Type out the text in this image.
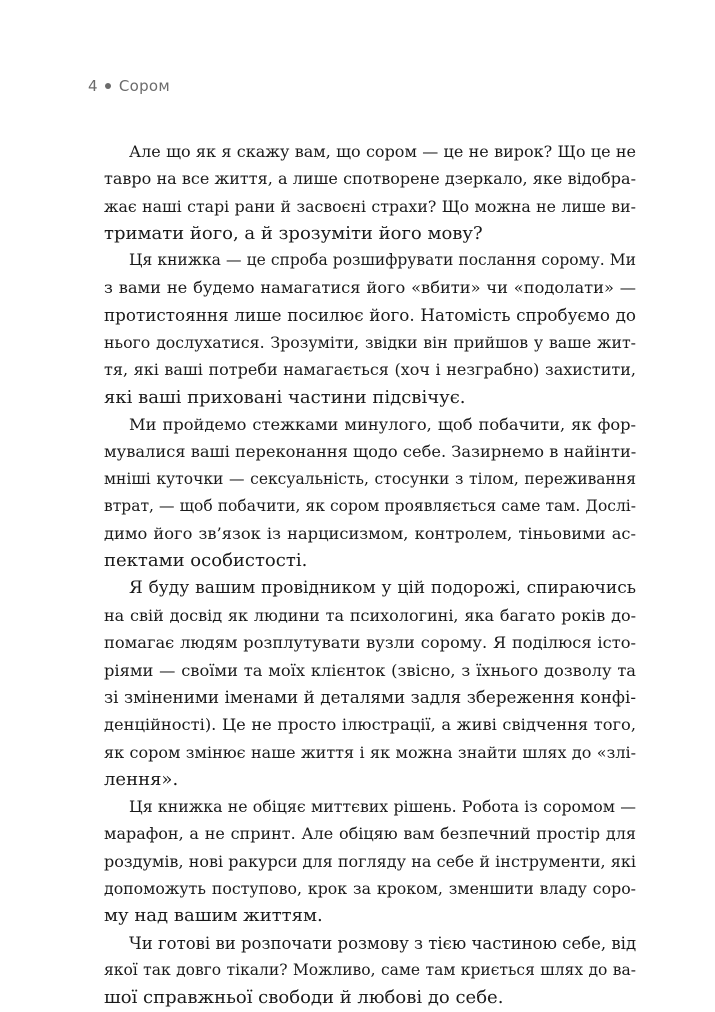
4 Сором
Але що як я скажу вам, що сором — це не вирок? Що це не
тавро на все життя, а лише спотворене дзеркало, яке відобра-
жає наші старі рани й засвоєні страхи? Що можна не лише ви-
тримати його, а й зрозуміти його мову?
Ця книжка — це спроба розшифрувати послання сорому. Ми
з вами не будемо намагатися його «вбити» чи «подолати» —
протистояння лише посилює його. Натомість спробуємо до
нього дослухатися. Зрозуміти, звідки він прийшов у ваше жит-
тя, які ваші потреби намагається (хоч і незграбно) захистити,
які ваші приховані частини підсвічує.
Ми пройдемо стежками минулого, щоб побачити, як фор-
мувалися ваші переконання щодо себе. Зазирнемо в найінти-
мніші куточки — сексуальність, стосунки з тілом, переживання
втрат, — щоб побачити, як сором проявляється саме там. Дослі-
димо його зв’язок із нарцисизмом, контролем, тіньовими ас-
пектами особистості.
Я буду вашим провідником у цій подорожі, спираючись
на свій досвід як людини та психологині, яка багато років до-
помагає людям розплутувати вузли сорому. Я поділюся істо-
ріями — своїми та моїх клієнток (звісно, з їхнього дозволу та
зі зміненими іменами й деталями задля збереження конфі-
денційності). Це не просто ілюстрації, а живі свідчення того,
як сором змінює наше життя і як можна знайти шлях до «злі-
лення».
Ця книжка не обіцяє миттєвих рішень. Робота із соромом —
марафон, а не спринт. Але обіцяю вам безпечний простір для
роздумів, нові ракурси для погляду на себе й інструменти, які
допоможуть поступово, крок за кроком, зменшити владу соро-
му над вашим життям.
Чи готові ви розпочати розмову з тією частиною себе, від
якої так довго тікали? Можливо, саме там криється шлях до ва-
шої справжньої свободи й любові до себе.
